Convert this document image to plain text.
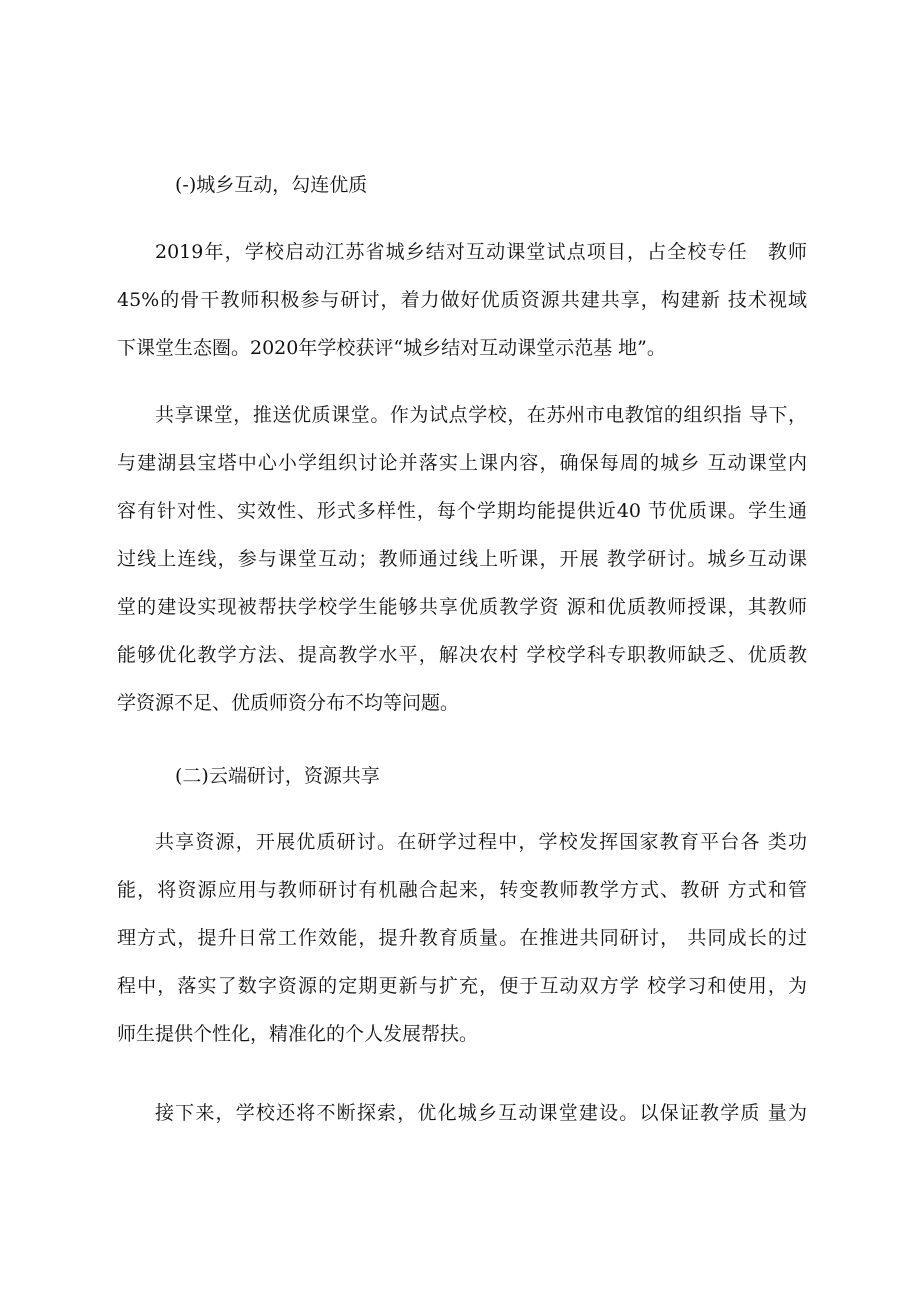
(-)城乡互动，勾连优质
2019年，学校启动江苏省城乡结对互动课堂试点项目，占全校专任　教师
45%的骨干教师积极参与研讨，着力做好优质资源共建共享，构建新 技术视域
下课堂生态圈。2020年学校获评“城乡结对互动课堂示范基 地”。
共享课堂，推送优质课堂。作为试点学校，在苏州市电教馆的组织指 导下，
与建湖县宝塔中心小学组织讨论并落实上课内容，确保每周的城乡 互动课堂内
容有针对性、实效性、形式多样性，每个学期均能提供近40 节优质课。学生通
过线上连线，参与课堂互动；教师通过线上听课，开展 教学研讨。城乡互动课
堂的建设实现被帮扶学校学生能够共享优质教学资 源和优质教师授课，其教师
能够优化教学方法、提高教学水平，解决农村 学校学科专职教师缺乏、优质教
学资源不足、优质师资分布不均等问题。
(二)云端研讨，资源共享
共享资源，开展优质研讨。在研学过程中，学校发挥国家教育平台各 类功
能，将资源应用与教师研讨有机融合起来，转变教师教学方式、教研 方式和管
理方式，提升日常工作效能，提升教育质量。在推进共同研讨， 共同成长的过
程中，落实了数字资源的定期更新与扩充，便于互动双方学 校学习和使用，为
师生提供个性化，精准化的个人发展帮扶。
接下来，学校还将不断探索，优化城乡互动课堂建设。以保证教学质 量为
